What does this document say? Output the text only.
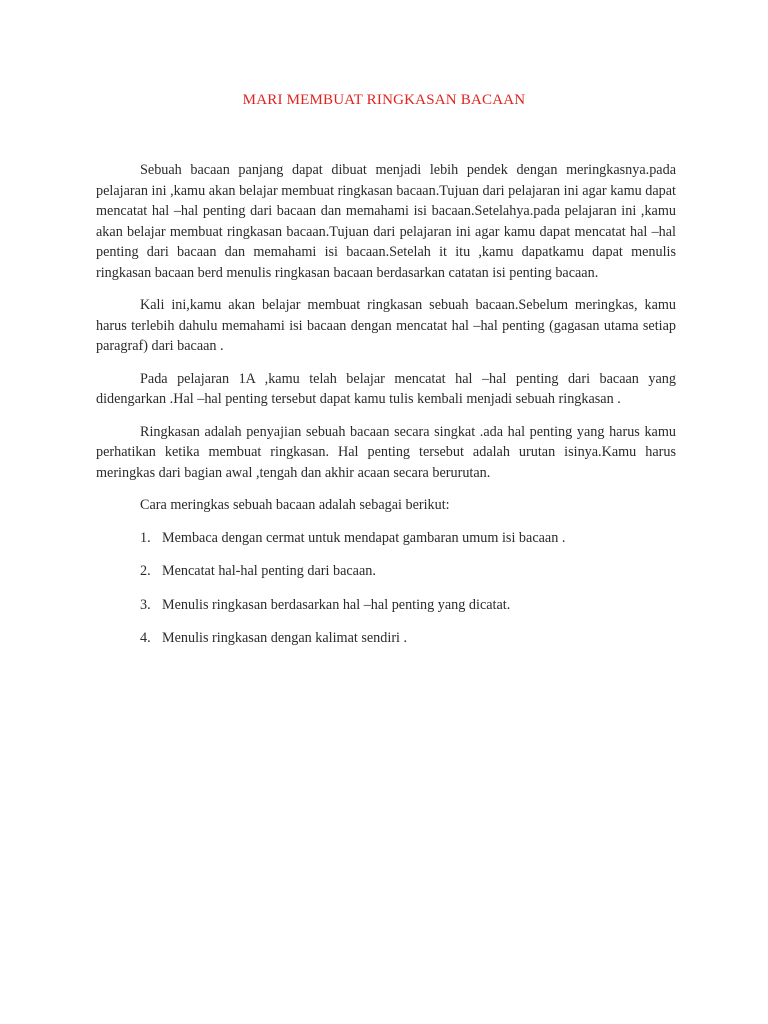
MARI MEMBUAT RINGKASAN BACAAN

Sebuah bacaan panjang dapat dibuat menjadi lebih pendek dengan meringkasnya.pada pelajaran ini ,kamu akan belajar membuat ringkasan bacaan.Tujuan dari pelajaran ini agar kamu dapat mencatat hal –hal penting dari bacaan dan memahami isi bacaan.Setelahya.pada pelajaran ini ,kamu akan belajar membuat ringkasan bacaan.Tujuan dari pelajaran ini agar kamu dapat mencatat hal –hal penting dari bacaan dan memahami isi bacaan.Setelah it itu ,kamu dapatkamu dapat menulis ringkasan bacaan berd menulis ringkasan bacaan berdasarkan catatan isi penting bacaan.

Kali ini,kamu akan belajar membuat ringkasan sebuah bacaan.Sebelum meringkas, kamu harus terlebih dahulu memahami isi bacaan dengan mencatat hal –hal penting (gagasan utama setiap paragraf) dari bacaan .

Pada pelajaran 1A ,kamu telah belajar mencatat hal –hal penting dari bacaan yang didengarkan .Hal –hal penting tersebut dapat kamu tulis kembali menjadi sebuah ringkasan .

Ringkasan adalah penyajian sebuah bacaan secara singkat .ada hal penting yang harus kamu perhatikan ketika membuat ringkasan. Hal penting tersebut adalah urutan isinya.Kamu harus meringkas dari bagian awal ,tengah dan akhir acaan secara berurutan.

Cara meringkas sebuah bacaan adalah sebagai berikut:

1. Membaca dengan cermat untuk mendapat gambaran umum isi bacaan .
2. Mencatat hal-hal penting dari bacaan.
3. Menulis ringkasan berdasarkan hal –hal penting yang dicatat.
4. Menulis ringkasan dengan kalimat sendiri .
